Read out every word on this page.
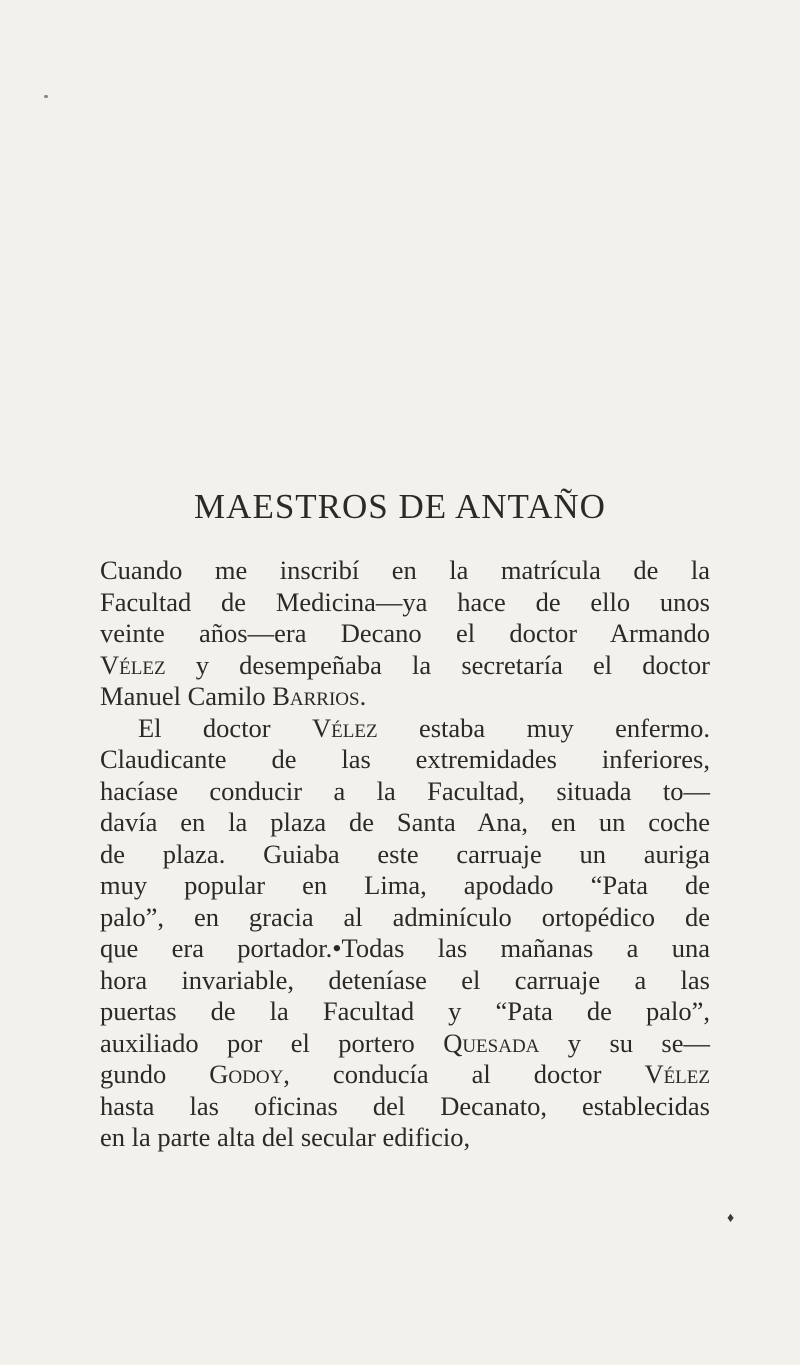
MAESTROS DE ANTAÑO
Cuando me inscribí en la matrícula de la
Facultad de Medicina—ya hace de ello unos
veinte años—era Decano el doctor Armando
Vélez y desempeñaba la secretaría el doctor
Manuel Camilo Barrios.
El doctor Vélez estaba muy enfermo.
Claudicante de las extremidades inferiores,
hacíase conducir a la Facultad, situada to—
davía en la plaza de Santa Ana, en un coche
de plaza. Guiaba este carruaje un auriga
muy popular en Lima, apodado “Pata de
palo”, en gracia al adminículo ortopédico de
que era portador.•Todas las mañanas a una
hora invariable, deteníase el carruaje a las
puertas de la Facultad y “Pata de palo”,
auxiliado por el portero Quesada y su se—
gundo Godoy, conducía al doctor Vélez
hasta las oficinas del Decanato, establecidas
en la parte alta del secular edificio,
♦
